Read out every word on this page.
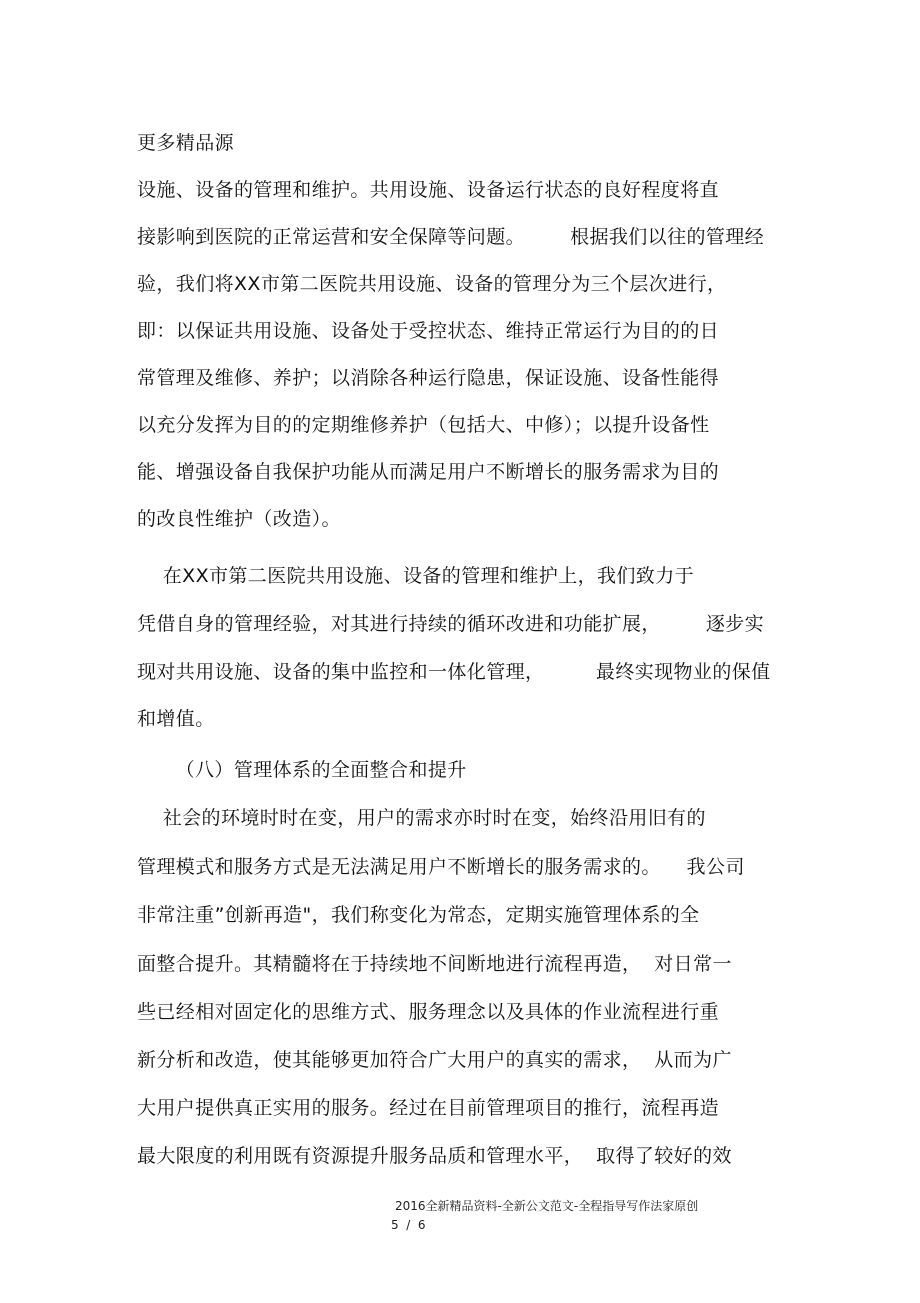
更多精品源
设施、设备的管理和维护。共用设施、设备运行状态的良好程度将直
接影响到医院的正常运营和安全保障等问题。       根据我们以往的管理经
验，我们将XX市第二医院共用设施、设备的管理分为三个层次进行，
即：以保证共用设施、设备处于受控状态、维持正常运行为目的的日
常管理及维修、养护；以消除各种运行隐患，保证设施、设备性能得
以充分发挥为目的的定期维修养护（包括大、中修）；以提升设备性
能、增强设备自我保护功能从而满足用户不断增长的服务需求为目的
的改良性维护（改造）。
在XX市第二医院共用设施、设备的管理和维护上，我们致力于
凭借自身的管理经验，对其进行持续的循环改进和功能扩展，       逐步实
现对共用设施、设备的集中监控和一体化管理，        最终实现物业的保值
和增值。
（八）管理体系的全面整合和提升
社会的环境时时在变，用户的需求亦时时在变，始终沿用旧有的
管理模式和服务方式是无法满足用户不断增长的服务需求的。    我公司
非常注重”创新再造"，我们称变化为常态，定期实施管理体系的全
面整合提升。其精髓将在于持续地不间断地进行流程再造，  对日常一
些已经相对固定化的思维方式、服务理念以及具体的作业流程进行重
新分析和改造，使其能够更加符合广大用户的真实的需求，  从而为广
大用户提供真正实用的服务。经过在目前管理项目的推行，流程再造
最大限度的利用既有资源提升服务品质和管理水平，  取得了较好的效
2016全新精品资料-全新公文范文-全程指导写作法家原创
5  /  6
